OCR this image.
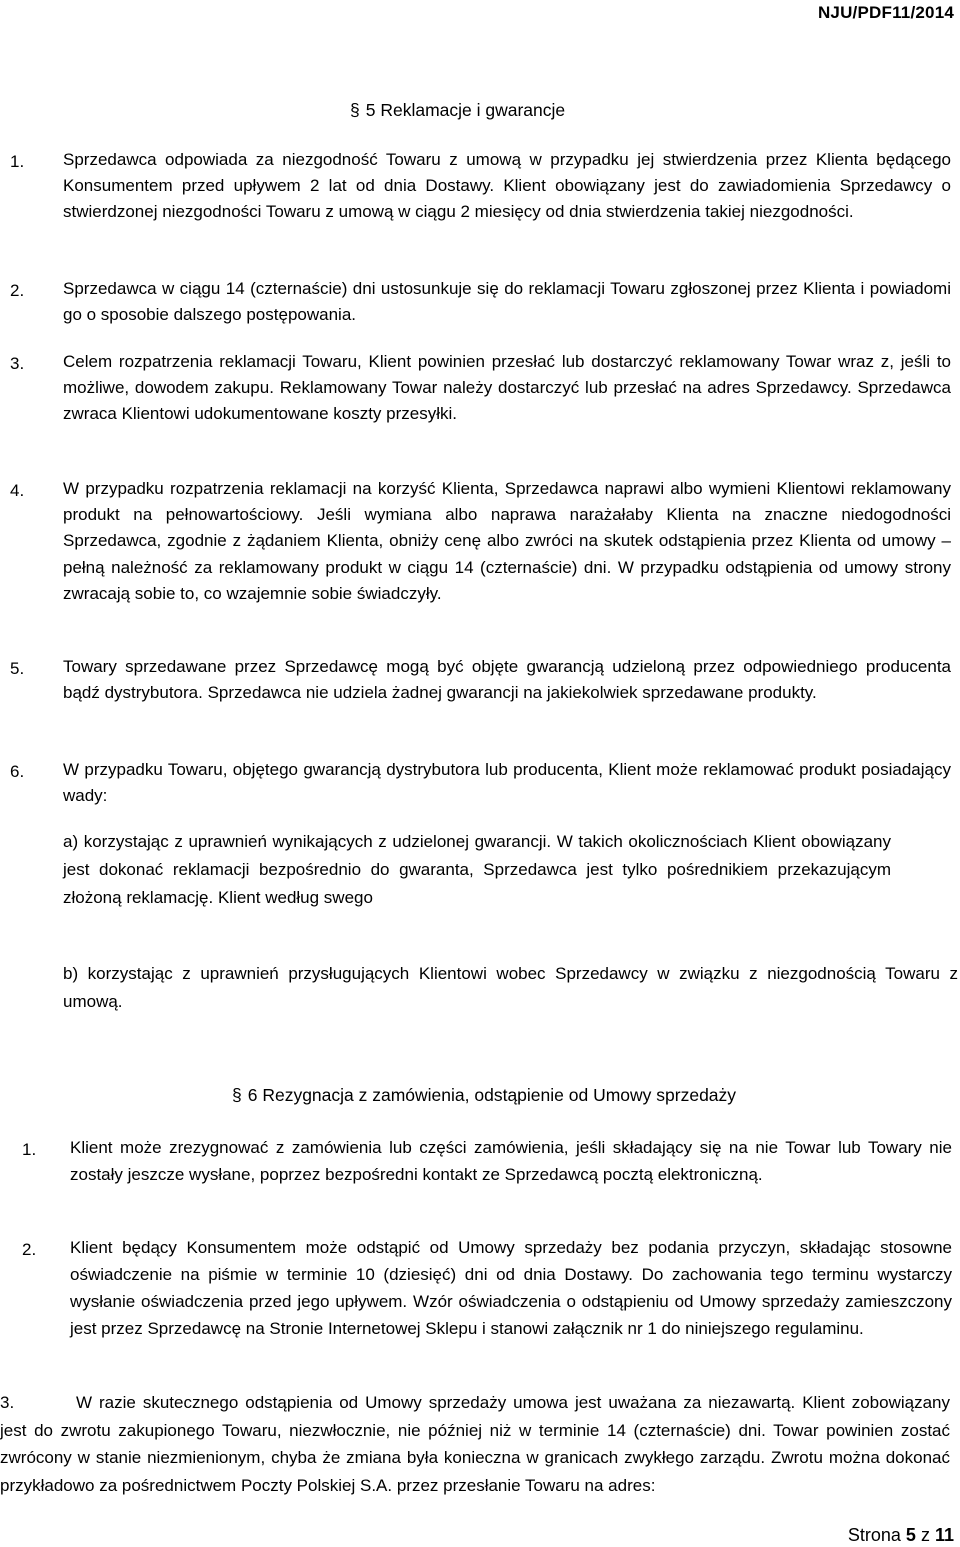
NJU/PDF11/2014
§ 5 Reklamacje i gwarancje
1. Sprzedawca odpowiada za niezgodność Towaru z umową w przypadku jej stwierdzenia przez Klienta będącego Konsumentem przed upływem 2 lat od dnia Dostawy. Klient obowiązany jest do zawiadomienia Sprzedawcy o stwierdzonej niezgodności Towaru z umową w ciągu 2 miesięcy od dnia stwierdzenia takiej niezgodności.
2. Sprzedawca w ciągu 14 (czternaście) dni ustosunkuje się do reklamacji Towaru zgłoszonej przez Klienta i powiadomi go o sposobie dalszego postępowania.
3. Celem rozpatrzenia reklamacji Towaru, Klient powinien przesłać lub dostarczyć reklamowany Towar wraz z, jeśli to możliwe, dowodem zakupu. Reklamowany Towar należy dostarczyć lub przesłać na adres Sprzedawcy. Sprzedawca zwraca Klientowi udokumentowane koszty przesyłki.
4. W przypadku rozpatrzenia reklamacji na korzyść Klienta, Sprzedawca naprawi albo wymieni Klientowi reklamowany produkt na pełnowartościowy. Jeśli wymiana albo naprawa narażałaby Klienta na znaczne niedogodności Sprzedawca, zgodnie z żądaniem Klienta, obniży cenę albo zwróci na skutek odstąpienia przez Klienta od umowy – pełną należność za reklamowany produkt w ciągu 14 (czternaście) dni. W przypadku odstąpienia od umowy strony zwracają sobie to, co wzajemnie sobie świadczyły.
5. Towary sprzedawane przez Sprzedawcę mogą być objęte gwarancją udzieloną przez odpowiedniego producenta bądź dystrybutora. Sprzedawca nie udziela żadnej gwarancji na jakiekolwiek sprzedawane produkty.
6. W przypadku Towaru, objętego gwarancją dystrybutora lub producenta, Klient może reklamować produkt posiadający wady:
a) korzystając z uprawnień wynikających z udzielonej gwarancji. W takich okolicznościach Klient obowiązany jest dokonać reklamacji bezpośrednio do gwaranta, Sprzedawca jest tylko pośrednikiem przekazującym złożoną reklamację. Klient według swego
b) korzystając z uprawnień przysługujących Klientowi wobec Sprzedawcy w związku z niezgodnością Towaru z umową.
§ 6 Rezygnacja z zamówienia, odstąpienie od Umowy sprzedaży
1. Klient może zrezygnować z zamówienia lub części zamówienia, jeśli składający się na nie Towar lub Towary nie zostały jeszcze wysłane, poprzez bezpośredni kontakt ze Sprzedawcą pocztą elektroniczną.
2. Klient będący Konsumentem może odstąpić od Umowy sprzedaży bez podania przyczyn, składając stosowne oświadczenie na piśmie w terminie 10 (dziesięć) dni od dnia Dostawy. Do zachowania tego terminu wystarczy wysłanie oświadczenia przed jego upływem. Wzór oświadczenia o odstąpieniu od Umowy sprzedaży zamieszczony jest przez Sprzedawcę na Stronie Internetowej Sklepu i stanowi załącznik nr 1 do niniejszego regulaminu.
3.	W razie skutecznego odstąpienia od Umowy sprzedaży umowa jest uważana za niezawartą. Klient zobowiązany jest do zwrotu zakupionego Towaru, niezwłocznie, nie później niż w terminie 14 (czternaście) dni. Towar powinien zostać zwrócony w stanie niezmienionym, chyba że zmiana była konieczna w granicach zwykłego zarządu. Zwrotu można dokonać przykładowo za pośrednictwem Poczty Polskiej S.A. przez przesłanie Towaru na adres:
Strona 5 z 11
